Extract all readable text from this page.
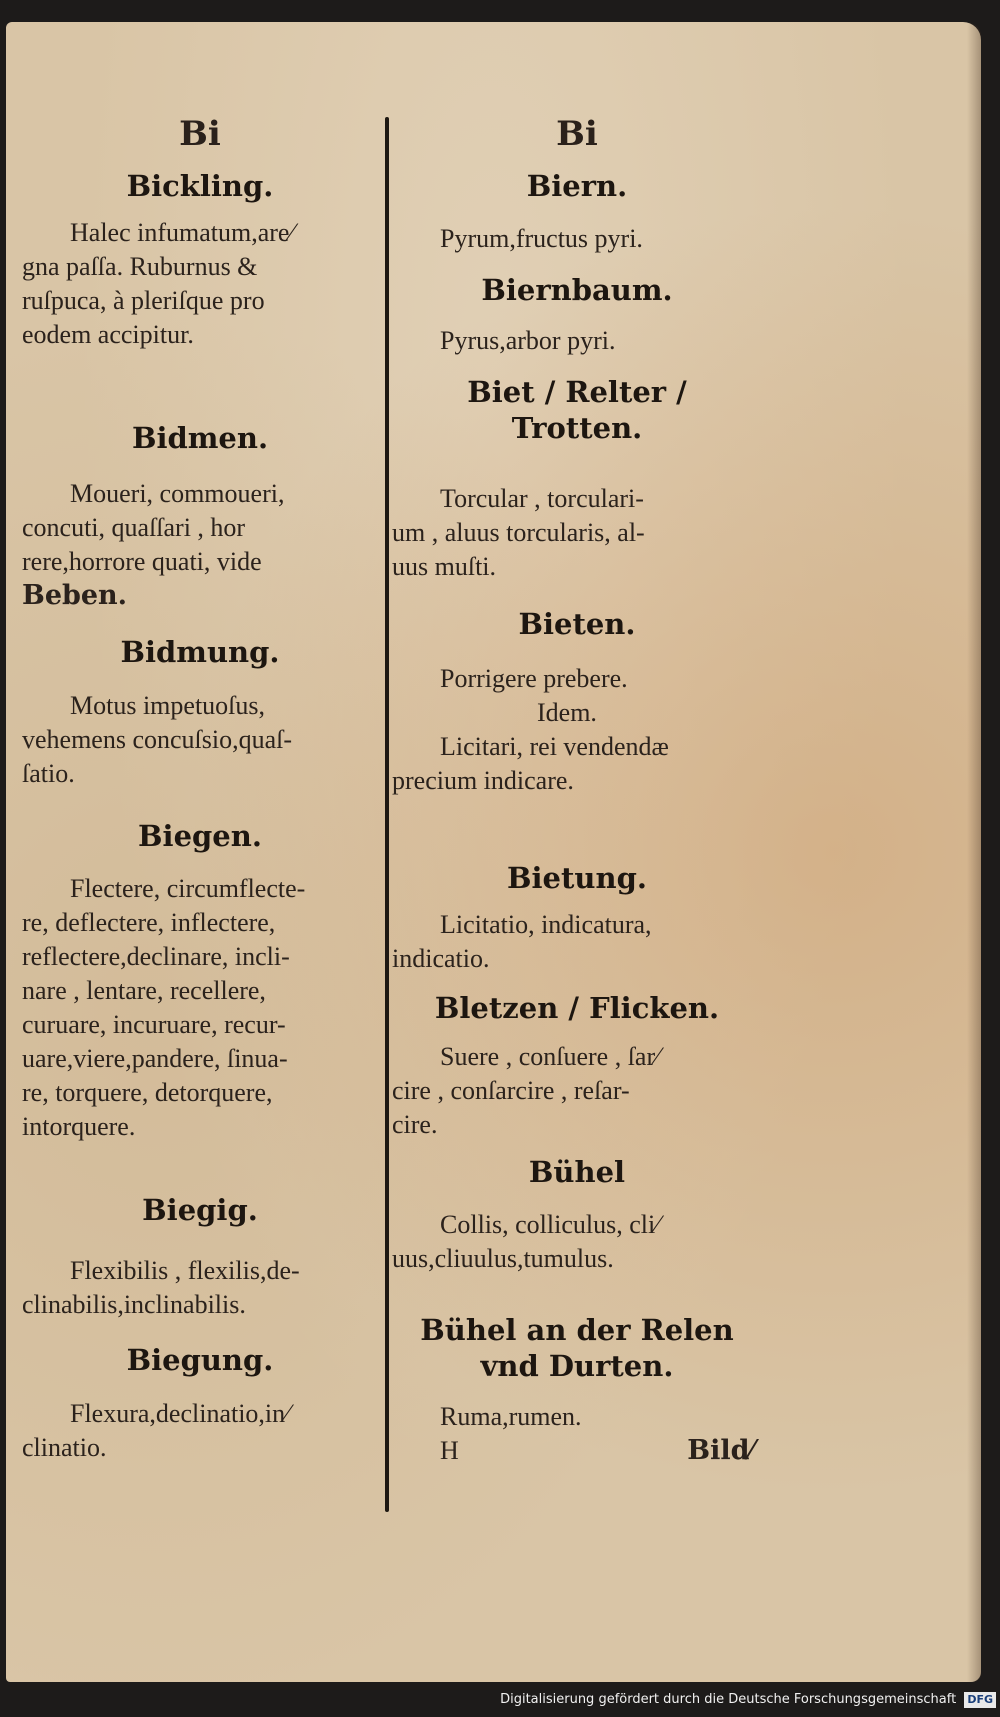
Bi
Bickling.
Halec infumatum,are⁄
gna paſſa. Ruburnus &
ruſpuca, à pleriſque pro
eodem accipitur.
Bidmen.
Moueri, commoueri,
concuti, quaſſari , hor
rere,horrore quati, vide
Beben.
Bidmung.
Motus impetuoſus,
vehemens concuſsio,quaſ-
ſatio.
Biegen.
Flectere, circumflecte-
re, deflectere, inflectere,
reflectere,declinare, incli-
nare , lentare, recellere,
curuare, incuruare, recur-
uare,viere,pandere, ſinua-
re, torquere, detorquere,
intorquere.
Biegig.
Flexibilis , flexilis,de-
clinabilis,inclinabilis.
Biegung.
Flexura,declinatio,in⁄
clinatio.
Bi
Biern.
Pyrum,fructus pyri.
Biernbaum.
Pyrus,arbor pyri.
Biet / Relter /
Trotten.
Torcular , torculari-
um , aluus torcularis, al-
uus muſti.
Bieten.
Porrigere prebere.
Idem.
Licitari, rei vendendæ
precium indicare.
Bietung.
Licitatio, indicatura,
indicatio.
Bletzen / Flicken.
Suere , conſuere , ſar⁄
cire , conſarcire , reſar-
cire.
Bühel
Collis, colliculus, cli⁄
uus,cliuulus,tumulus.
Bühel an der Relen
vnd Durten.
Ruma,rumen.
H	Bild⁄
Digitalisierung gefördert durch die Deutsche Forschungsgemeinschaft DFG
